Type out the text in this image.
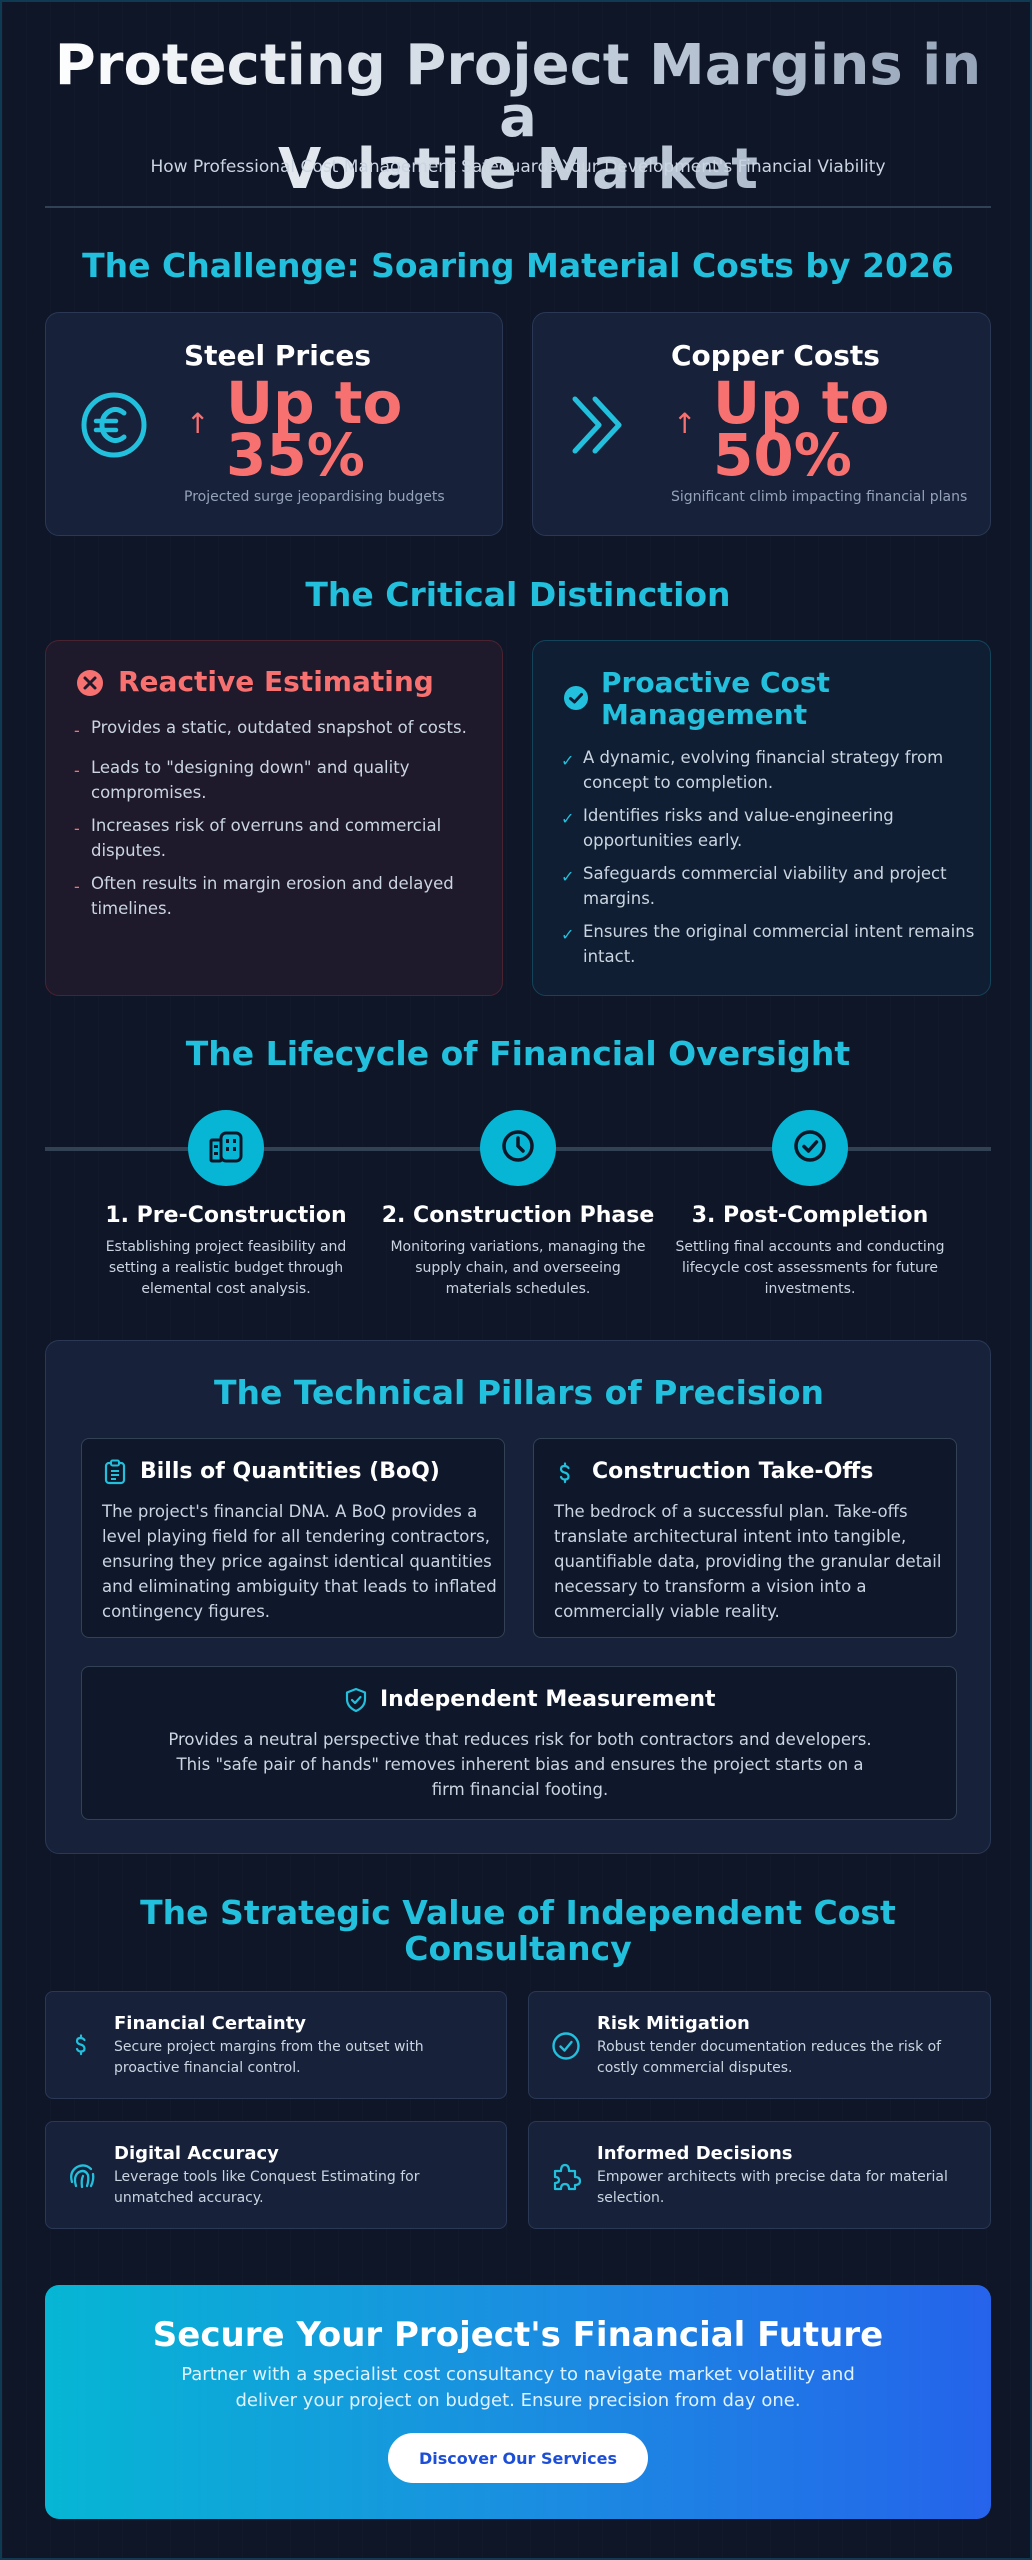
Protecting Project Margins in a
Volatile Market
How Professional Cost Management Safeguards Your Development's Financial Viability
The Challenge: Soaring Material Costs by 2026
Steel Prices
↑ Up to
35%
Projected surge jeopardising budgets
Copper Costs
↑ Up to
50%
Significant climb impacting financial plans
The Critical Distinction
Reactive Estimating
- Provides a static, outdated snapshot of costs.
- Leads to "designing down" and quality
compromises.
- Increases risk of overruns and commercial
disputes.
- Often results in margin erosion and delayed
timelines.
Proactive Cost
Management
✓ A dynamic, evolving financial strategy from
concept to completion.
✓ Identifies risks and value-engineering
opportunities early.
✓ Safeguards commercial viability and project
margins.
✓ Ensures the original commercial intent remains
intact.
The Lifecycle of Financial Oversight
1. Pre-Construction	2. Construction Phase	3. Post-Completion
Establishing project feasibility and
setting a realistic budget through
elemental cost analysis.
Monitoring variations, managing the
supply chain, and overseeing
materials schedules.
Settling final accounts and conducting
lifecycle cost assessments for future
investments.
The Technical Pillars of Precision
Bills of Quantities (BoQ)
The project's financial DNA. A BoQ provides a
level playing field for all tendering contractors,
ensuring they price against identical quantities
and eliminating ambiguity that leads to inflated
contingency figures.
Construction Take-Offs
The bedrock of a successful plan. Take-offs
translate architectural intent into tangible,
quantifiable data, providing the granular detail
necessary to transform a vision into a
commercially viable reality.
Independent Measurement
Provides a neutral perspective that reduces risk for both contractors and developers.
This "safe pair of hands" removes inherent bias and ensures the project starts on a
firm financial footing.
The Strategic Value of Independent Cost
Consultancy
Financial Certainty
Secure project margins from the outset with
proactive financial control.
Risk Mitigation
Robust tender documentation reduces the risk of
costly commercial disputes.
Digital Accuracy
Leverage tools like Conquest Estimating for
unmatched accuracy.
Informed Decisions
Empower architects with precise data for material
selection.
Secure Your Project's Financial Future
Partner with a specialist cost consultancy to navigate market volatility and
deliver your project on budget. Ensure precision from day one.
Discover Our Services
